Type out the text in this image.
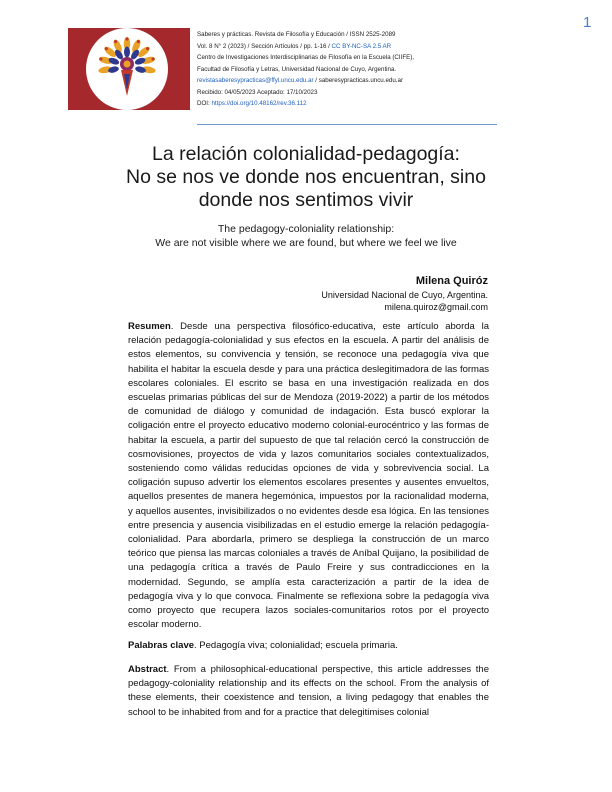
1
Saberes y prácticas. Revista de Filosofía y Educación / ISSN 2525-2089
Vol. 8 N° 2 (2023) / Sección Artículos / pp. 1-16 / CC BY-NC-SA 2.5 AR
Centro de Investigaciones Interdisciplinarias de Filosofía en la Escuela (CIIFE),
Facultad de Filosofía y Letras, Universidad Nacional de Cuyo, Argentina.
revistasaberesypracticas@ffyl.uncu.edu.ar / saberesypracticas.uncu.edu.ar
Recibido: 04/05/2023 Aceptado: 17/10/2023
DOI: https://doi.org/10.48162/rev.36.112
La relación colonialidad-pedagogía:
No se nos ve donde nos encuentran, sino
donde nos sentimos vivir
The pedagogy-coloniality relationship:
We are not visible where we are found, but where we feel we live
Milena Quiróz
Universidad Nacional de Cuyo, Argentina.
milena.quiroz@gmail.com
Resumen. Desde una perspectiva filosófico-educativa, este artículo aborda la relación pedagogía-colonialidad y sus efectos en la escuela. A partir del análisis de estos elementos, su convivencia y tensión, se reconoce una pedagogía viva que habilita el habitar la escuela desde y para una práctica deslegitimadora de las formas escolares coloniales. El escrito se basa en una investigación realizada en dos escuelas primarias públicas del sur de Mendoza (2019-2022) a partir de los métodos de comunidad de diálogo y comunidad de indagación. Esta buscó explorar la coligación entre el proyecto educativo moderno colonial-eurocéntrico y las formas de habitar la escuela, a partir del supuesto de que tal relación cercó la construcción de cosmovisiones, proyectos de vida y lazos comunitarios sociales contextualizados, sosteniendo como válidas reducidas opciones de vida y sobrevivencia social. La coligación supuso advertir los elementos escolares presentes y ausentes envueltos, aquellos presentes de manera hegemónica, impuestos por la racionalidad moderna, y aquellos ausentes, invisibilizados o no evidentes desde esa lógica. En las tensiones entre presencia y ausencia visibilizadas en el estudio emerge la relación pedagogía-colonialidad. Para abordarla, primero se despliega la construcción de un marco teórico que piensa las marcas coloniales a través de Aníbal Quijano, la posibilidad de una pedagogía crítica a través de Paulo Freire y sus contradicciones en la modernidad. Segundo, se amplía esta caracterización a partir de la idea de pedagogía viva y lo que convoca. Finalmente se reflexiona sobre la pedagogía viva como proyecto que recupera lazos sociales-comunitarios rotos por el proyecto escolar moderno.
Palabras clave. Pedagogía viva; colonialidad; escuela primaria.
Abstract. From a philosophical-educational perspective, this article addresses the pedagogy-coloniality relationship and its effects on the school. From the analysis of these elements, their coexistence and tension, a living pedagogy that enables the school to be inhabited from and for a practice that delegitimises colonial
